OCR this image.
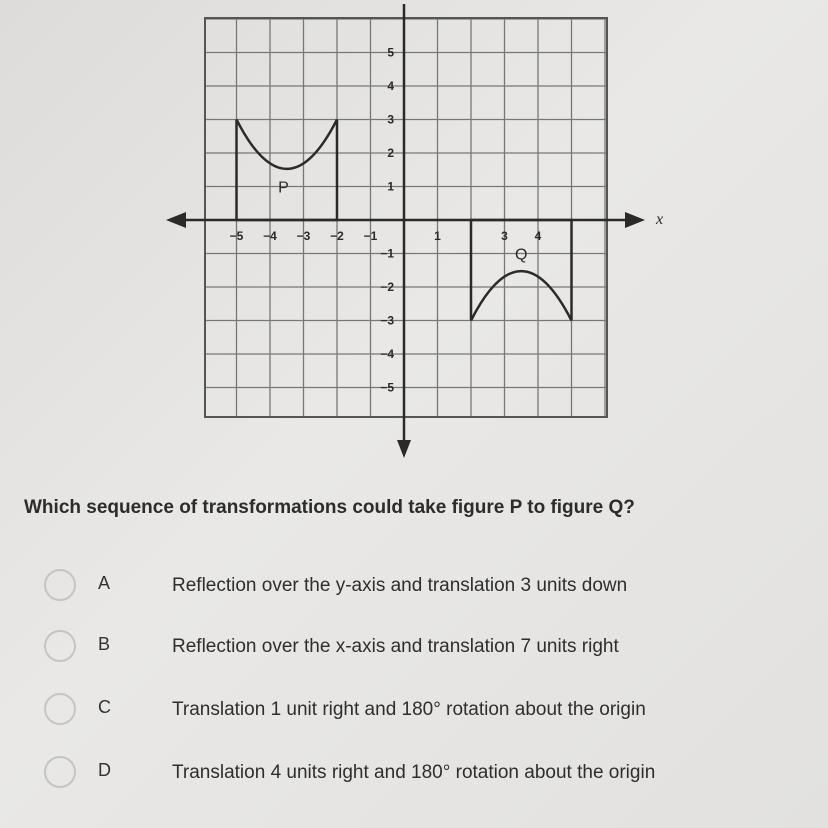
x
−5 −4 −3 −2 −1	1	3 4
5
4
3
2
1
−1
−2
−3
−4
−5
P
Q

Which sequence of transformations could take figure P to figure Q?

A	Reflection over the y-axis and translation 3 units down
B	Reflection over the x-axis and translation 7 units right
C	Translation 1 unit right and 180° rotation about the origin
D	Translation 4 units right and 180° rotation about the origin
